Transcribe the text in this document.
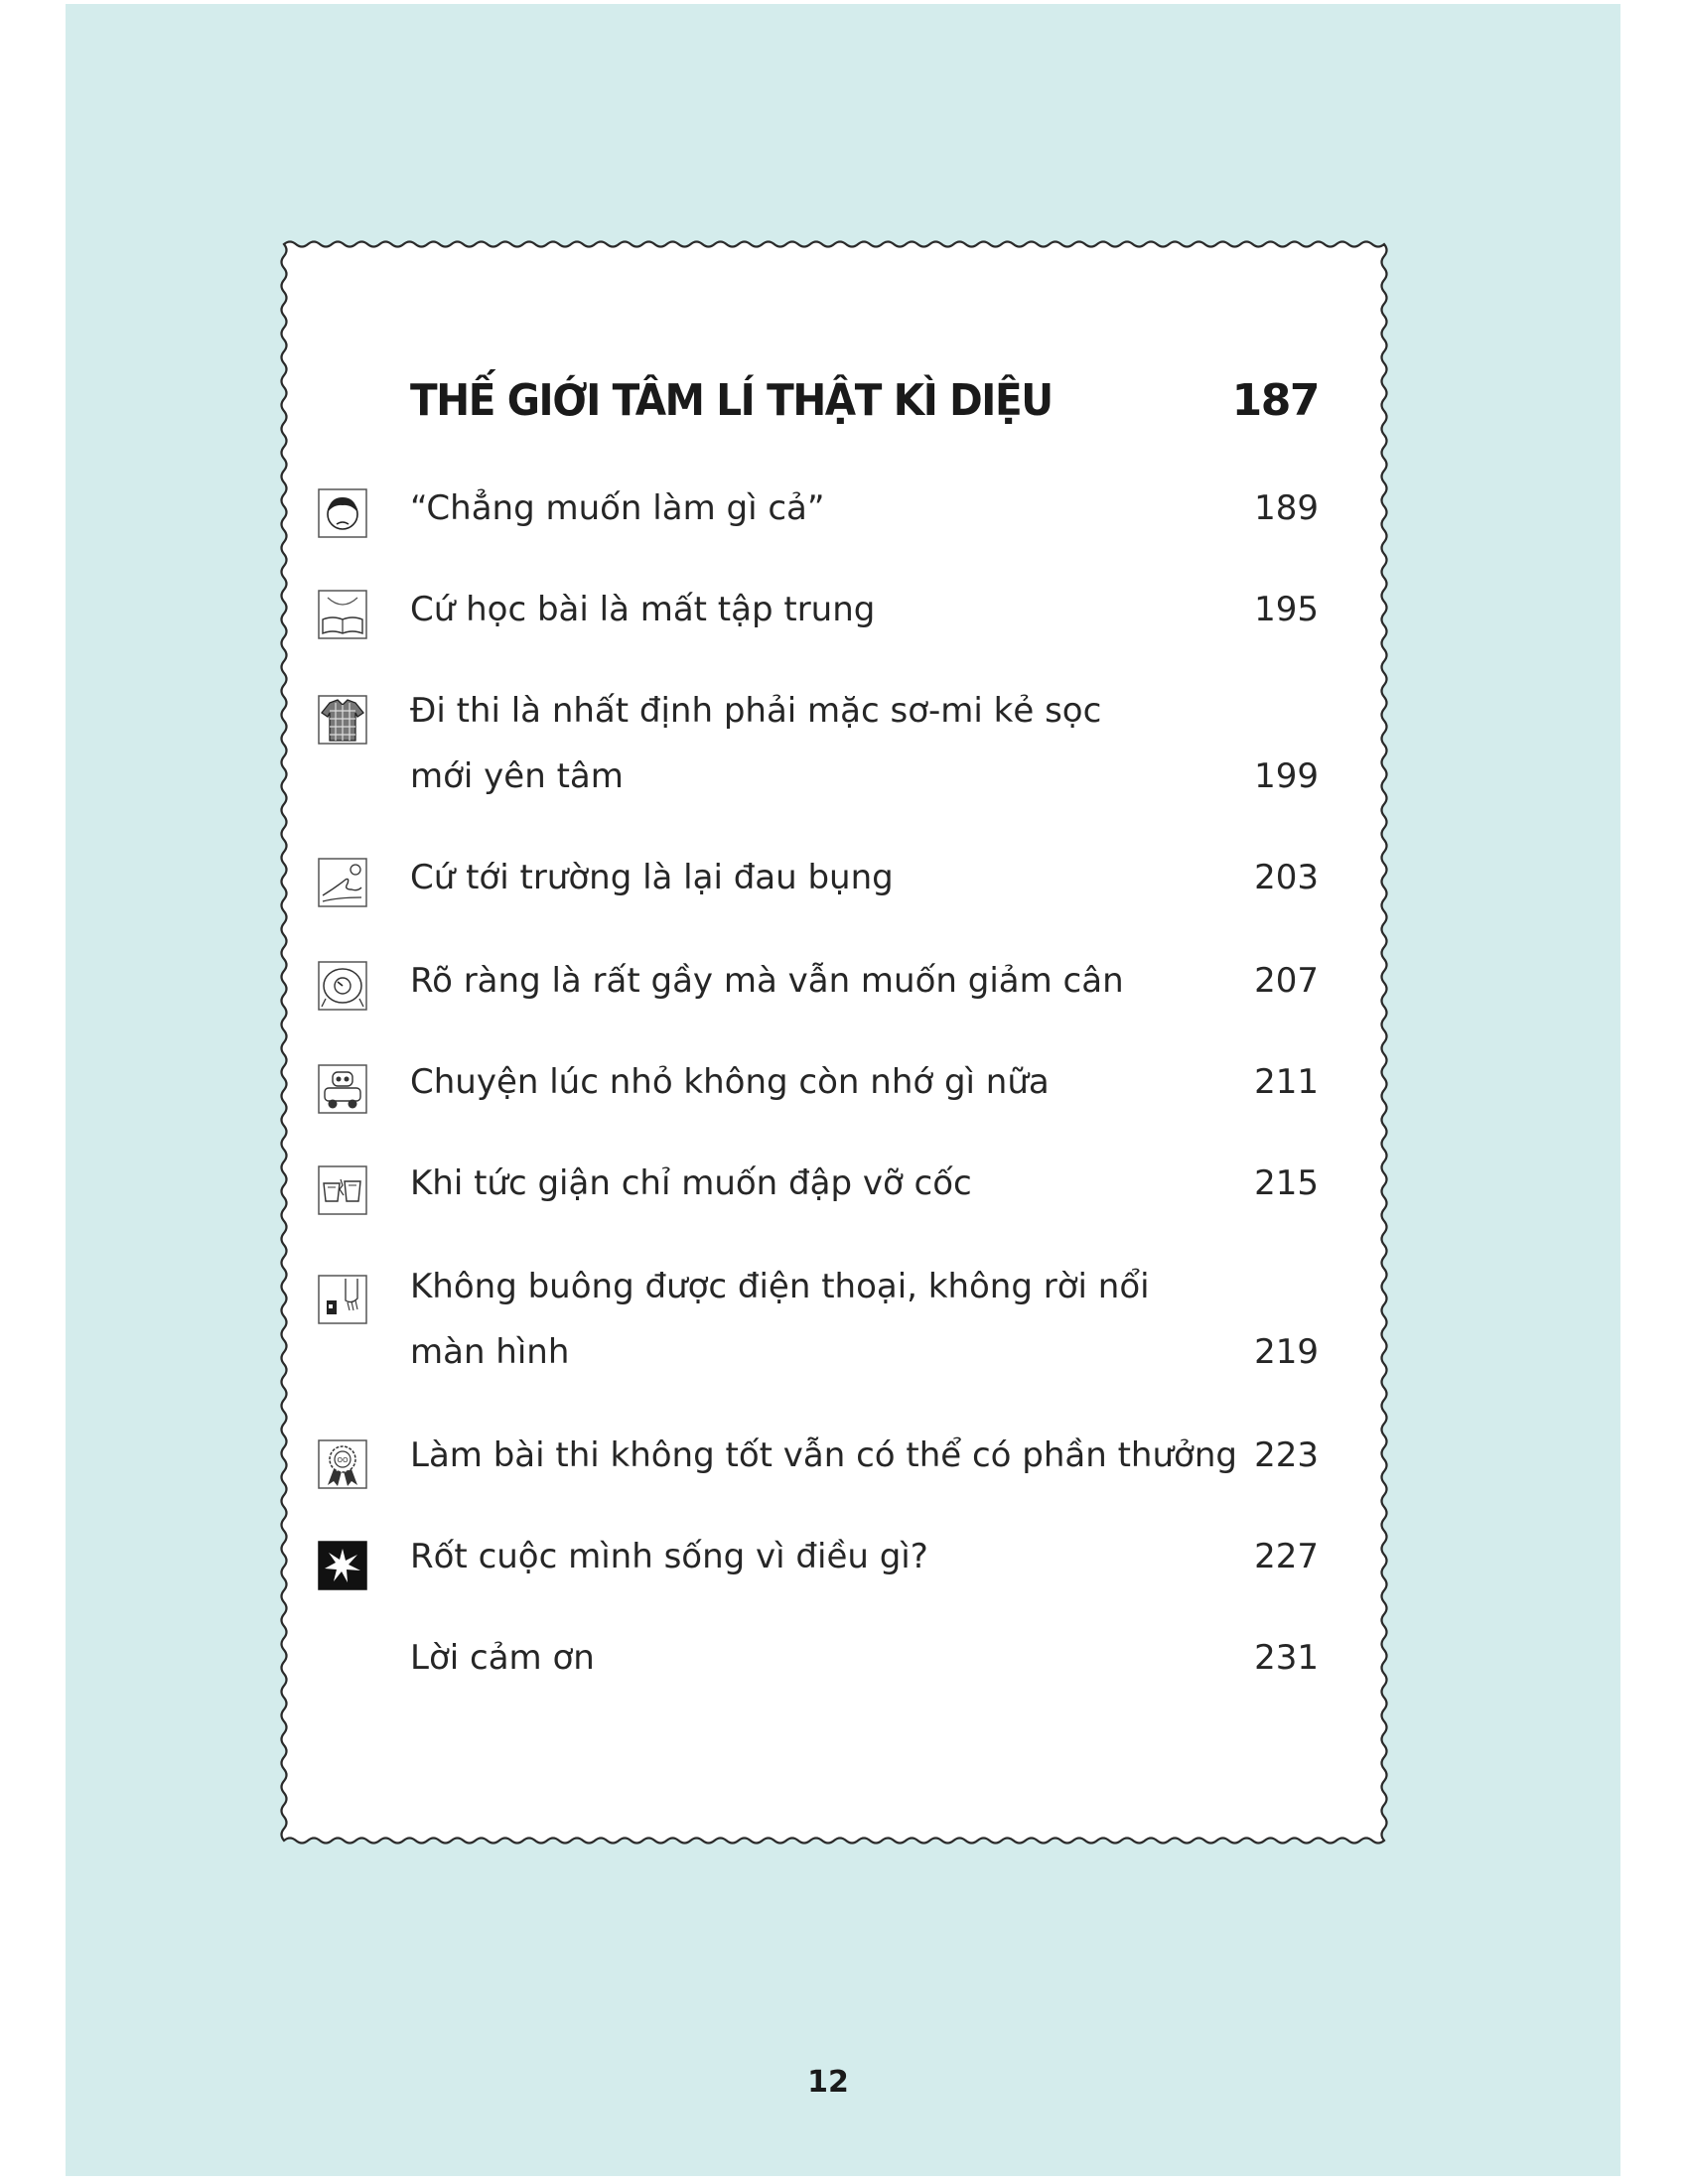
THẾ GIỚI TÂM LÍ THẬT KÌ DIỆU	187
“Chẳng muốn làm gì cả”	189
Cứ học bài là mất tập trung	195
Đi thi là nhất định phải mặc sơ-mi kẻ sọc
mới yên tâm	199
Cứ tới trường là lại đau bụng	203
Rõ ràng là rất gầy mà vẫn muốn giảm cân	207
Chuyện lúc nhỏ không còn nhớ gì nữa	211
Khi tức giận chỉ muốn đập vỡ cốc	215
Không buông được điện thoại, không rời nổi
màn hình	219
OO Làm bài thi không tốt vẫn có thể có phần thưởng 223
Rốt cuộc mình sống vì điều gì?	227
Lời cảm ơn	231
12
